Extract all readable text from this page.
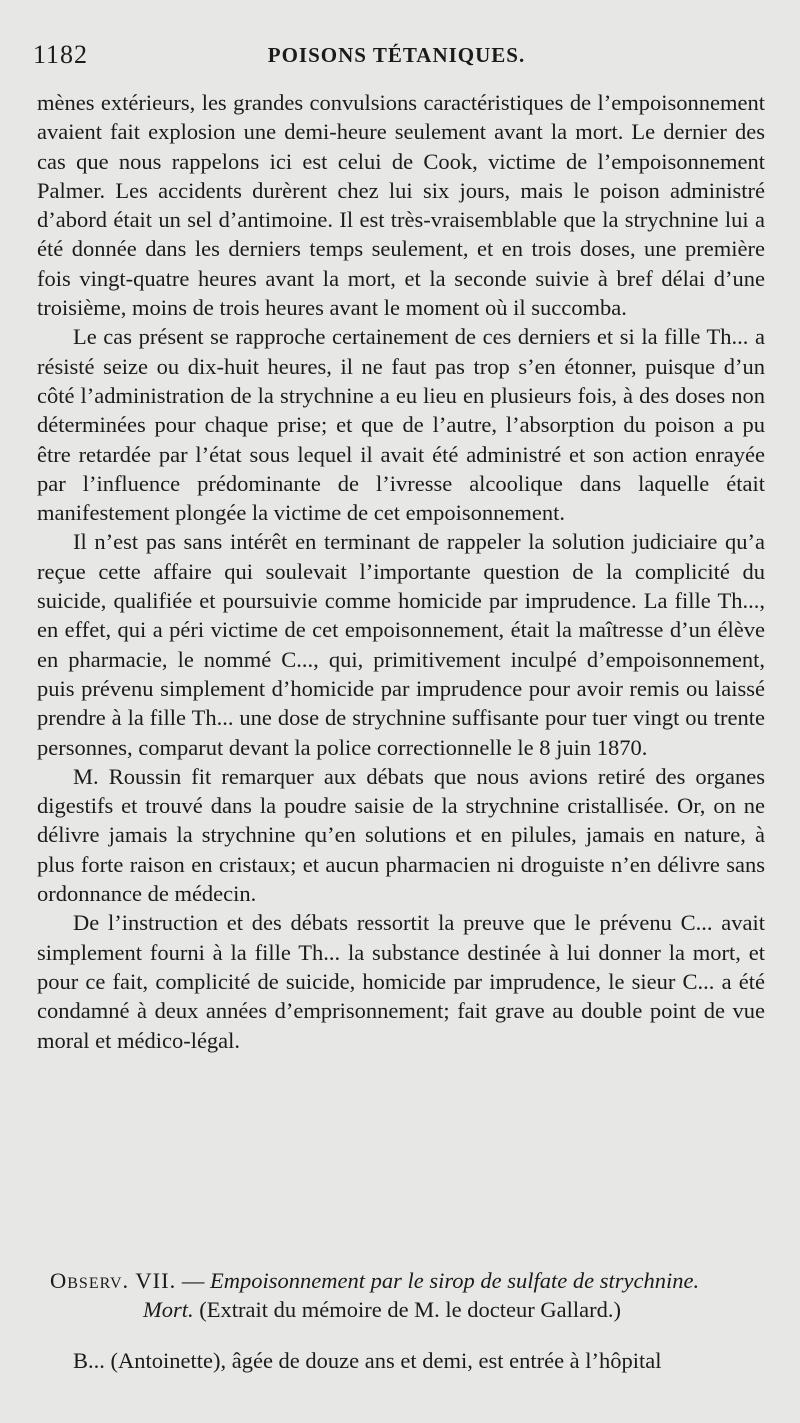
1182	POISONS TÉTANIQUES.

mènes extérieurs, les grandes convulsions caractéristiques de l’empoisonnement avaient fait explosion une demi-heure seulement avant la mort. Le dernier des cas que nous rappelons ici est celui de Cook, victime de l’empoisonnement Palmer. Les accidents durèrent chez lui six jours, mais le poison administré d’abord était un sel d’antimoine. Il est très-vraisemblable que la strychnine lui a été donnée dans les derniers temps seulement, et en trois doses, une première fois vingt-quatre heures avant la mort, et la seconde suivie à bref délai d’une troisième, moins de trois heures avant le moment où il succomba.

Le cas présent se rapproche certainement de ces derniers et si la fille Th... a résisté seize ou dix-huit heures, il ne faut pas trop s’en étonner, puisque d’un côté l’administration de la strychnine a eu lieu en plusieurs fois, à des doses non déterminées pour chaque prise; et que de l’autre, l’absorption du poison a pu être retardée par l’état sous lequel il avait été administré et son action enrayée par l’influence prédominante de l’ivresse alcoolique dans laquelle était manifestement plongée la victime de cet empoisonnement.

Il n’est pas sans intérêt en terminant de rappeler la solution judiciaire qu’a reçue cette affaire qui soulevait l’importante question de la complicité du suicide, qualifiée et poursuivie comme homicide par imprudence. La fille Th..., en effet, qui a péri victime de cet empoisonnement, était la maîtresse d’un élève en pharmacie, le nommé C..., qui, primitivement inculpé d’empoisonnement, puis prévenu simplement d’homicide par imprudence pour avoir remis ou laissé prendre à la fille Th... une dose de strychnine suffisante pour tuer vingt ou trente personnes, comparut devant la police correctionnelle le 8 juin 1870.

M. Roussin fit remarquer aux débats que nous avions retiré des organes digestifs et trouvé dans la poudre saisie de la strychnine cristallisée. Or, on ne délivre jamais la strychnine qu’en solutions et en pilules, jamais en nature, à plus forte raison en cristaux; et aucun pharmacien ni droguiste n’en délivre sans ordonnance de médecin.

De l’instruction et des débats ressortit la preuve que le prévenu C... avait simplement fourni à la fille Th... la substance destinée à lui donner la mort, et pour ce fait, complicité de suicide, homicide par imprudence, le sieur C... a été condamné à deux années d’emprisonnement; fait grave au double point de vue moral et médico-légal.

Observ. VII. — Empoisonnement par le sirop de sulfate de strychnine.
Mort. (Extrait du mémoire de M. le docteur Gallard.)
B... (Antoinette), âgée de douze ans et demi, est entrée à l’hôpital
